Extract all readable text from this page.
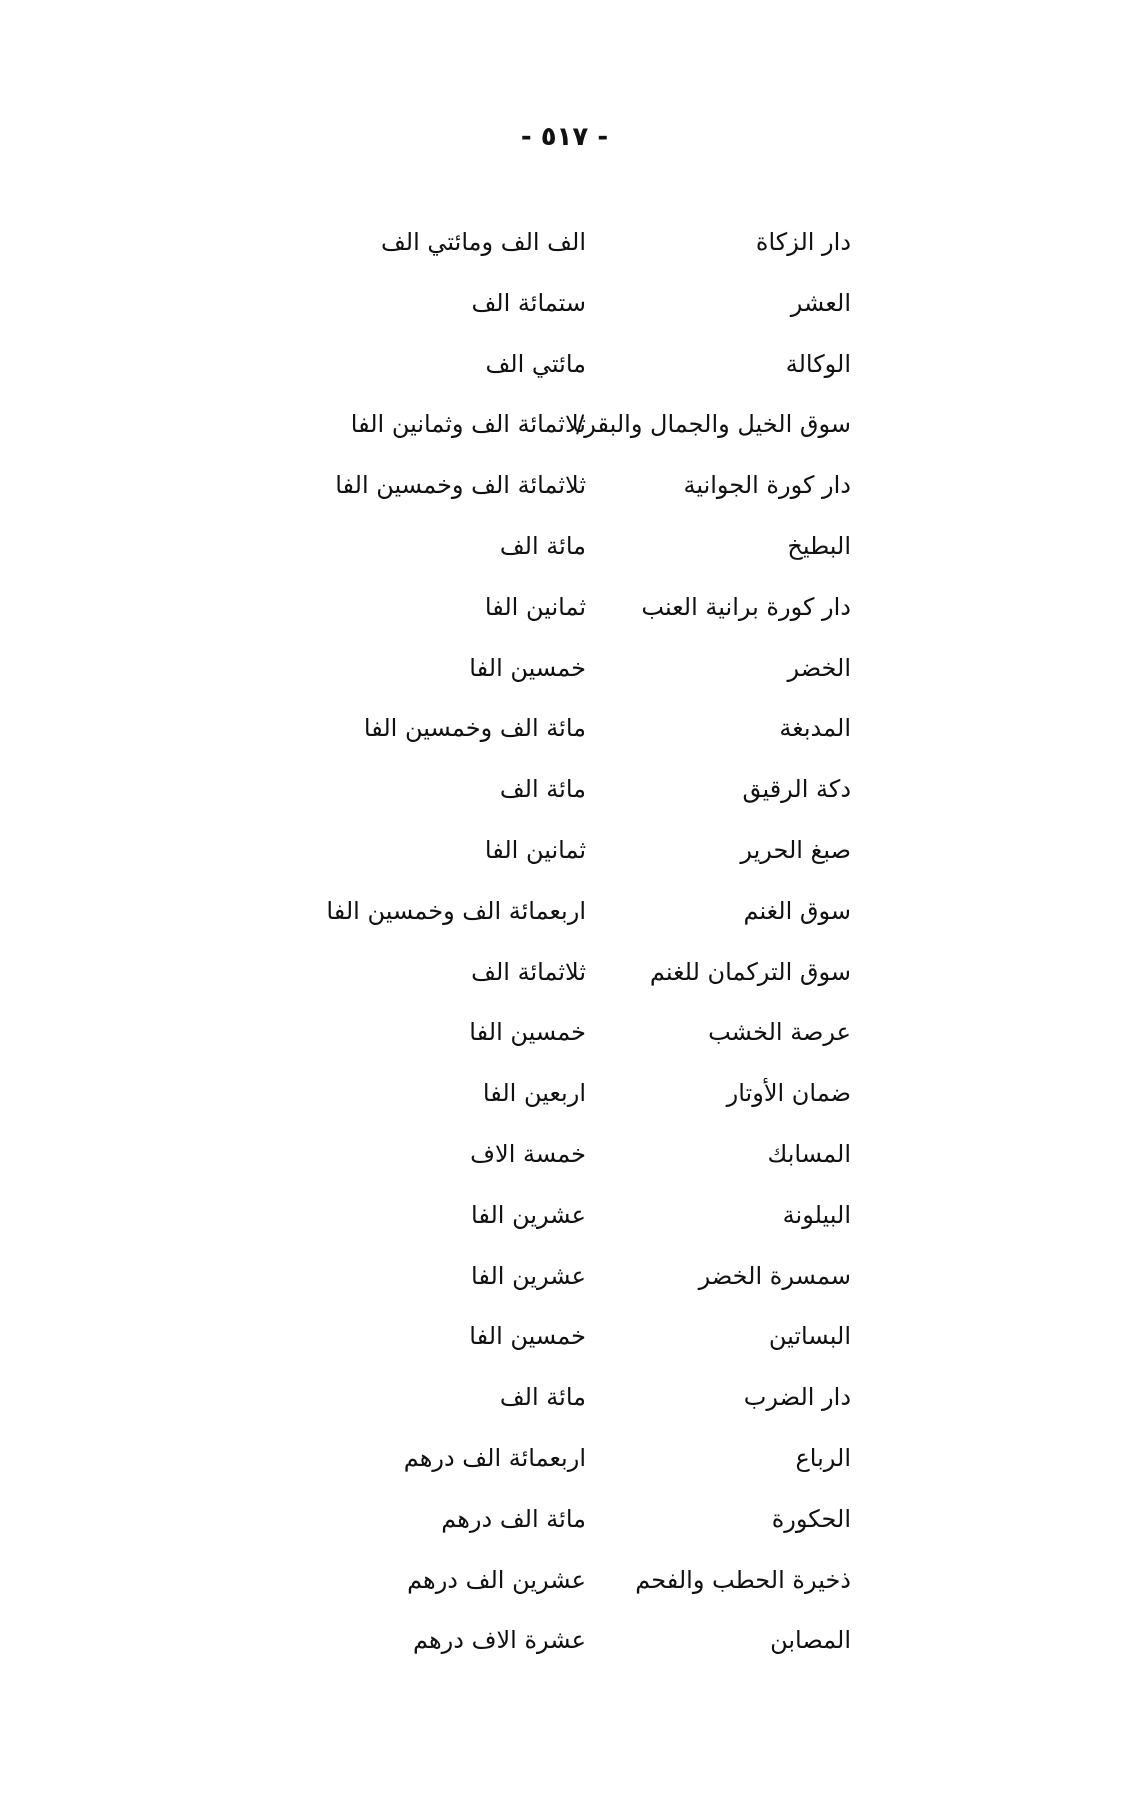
- ٥١٧ -
دار الزكاة
الف الف ومائتي الف
العشر
ستمائة الف
الوكالة
مائتي الف
سوق الخيل والجمال والبقر/
ثلاثمائة الف وثمانين الفا
دار كورة الجوانية
ثلاثمائة الف وخمسين الفا
البطيخ
مائة الف
دار كورة برانية العنب
ثمانين الفا
الخضر
خمسين الفا
المدبغة
مائة الف وخمسين الفا
دكة الرقيق
مائة الف
صبغ الحرير
ثمانين الفا
سوق الغنم
اربعمائة الف وخمسين الفا
سوق التركمان للغنم
ثلاثمائة الف
عرصة الخشب
خمسين الفا
ضمان الأوتار
اربعين الفا
المسابك
خمسة الاف
البيلونة
عشرين الفا
سمسرة الخضر
عشرين الفا
البساتين
خمسين الفا
دار الضرب
مائة الف
الرباع
اربعمائة الف درهم
الحكورة
مائة الف درهم
ذخيرة الحطب والفحم
عشرين الف درهم
المصابن
عشرة الاف درهم
